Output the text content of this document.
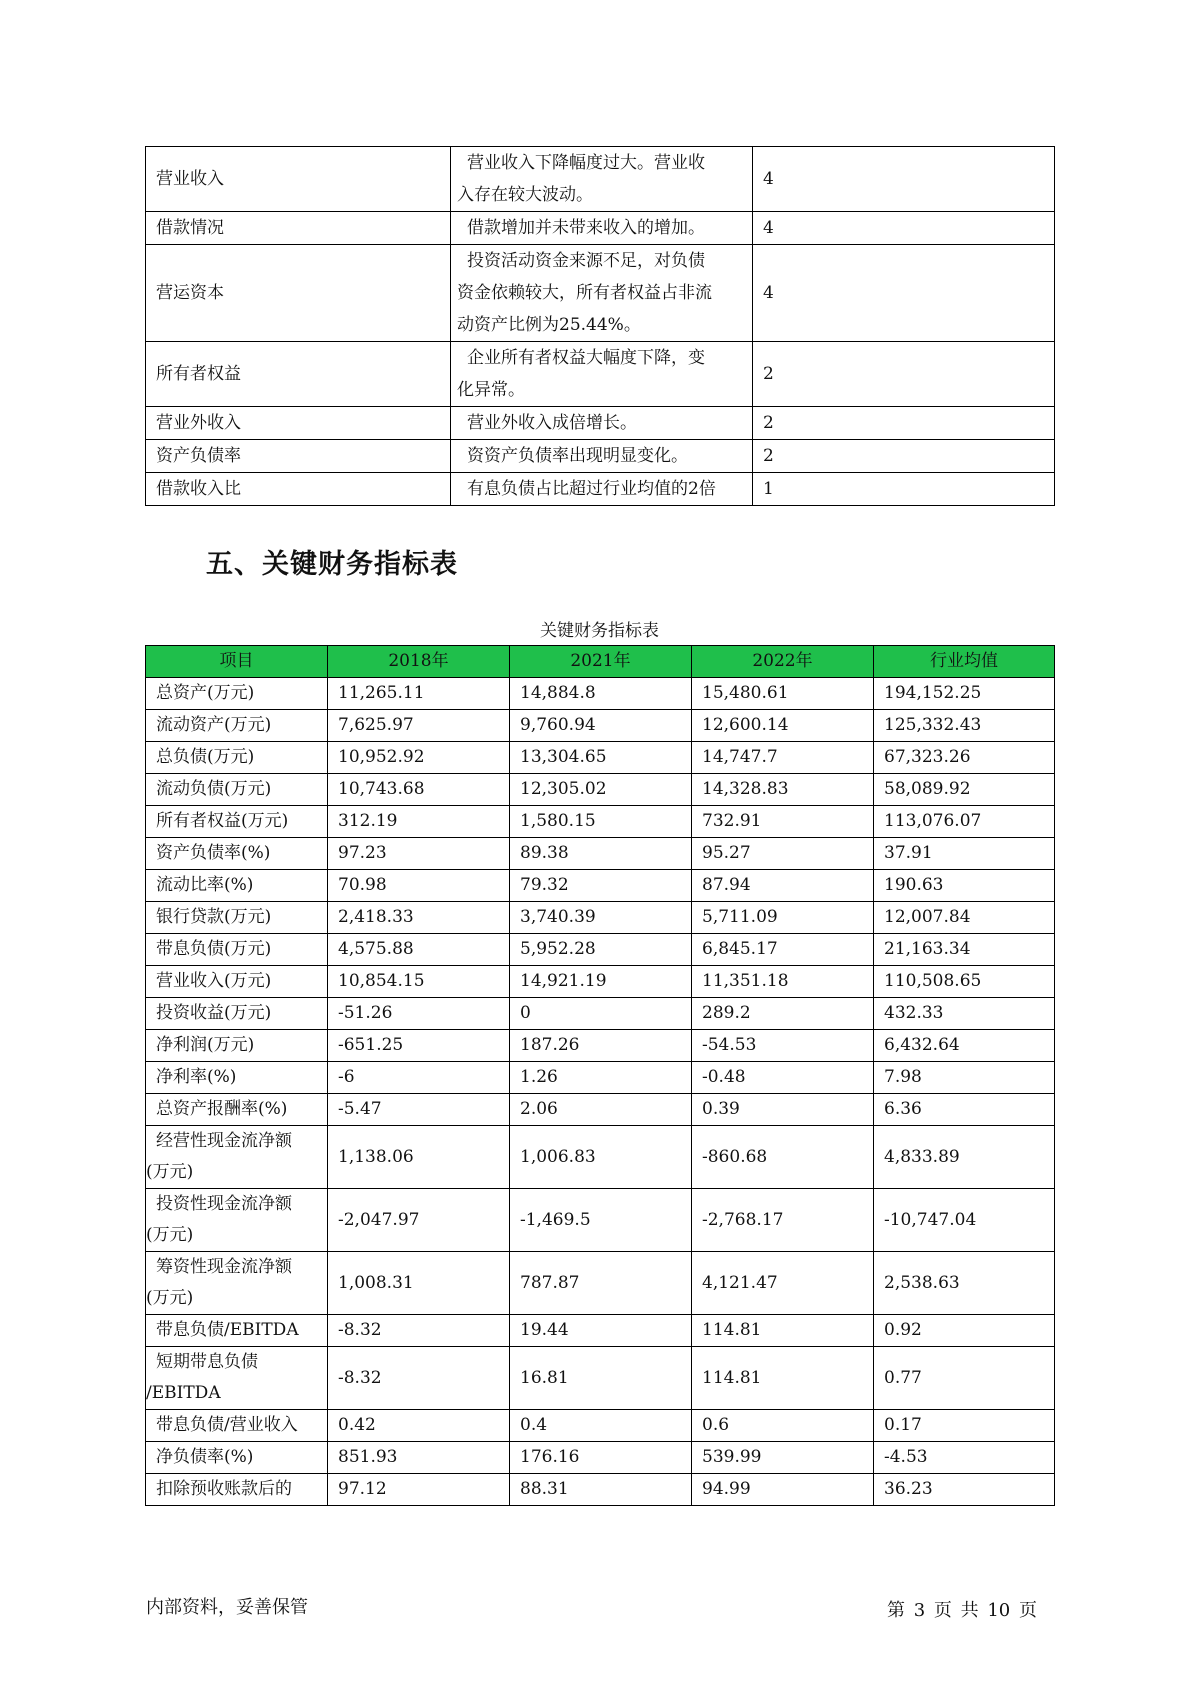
营业收入	营业收入下降幅度过大。营业收
入存在较大波动。	4
借款情况	借款增加并未带来收入的增加。	4
营运资本	投资活动资金来源不足，对负债
资金依赖较大，所有者权益占非流
动资产比例为25.44%。	4
所有者权益	企业所有者权益大幅度下降，变
化异常。	2
营业外收入	营业外收入成倍增长。	2
资产负债率	资资产负债率出现明显变化。	2
借款收入比	有息负债占比超过行业均值的2倍	1
五、关键财务指标表
关键财务指标表
项目	2018年	2021年	2022年	行业均值

总资产(万元)	11,265.11	14,884.8	15,480.61	194,152.25

流动资产(万元)	7,625.97	9,760.94	12,600.14	125,332.43

总负债(万元)	10,952.92	13,304.65	14,747.7	67,323.26

流动负债(万元)	10,743.68	12,305.02	14,328.83	58,089.92

所有者权益(万元)	312.19	1,580.15	732.91	113,076.07

资产负债率(%)	97.23	89.38	95.27	37.91

流动比率(%)	70.98	79.32	87.94	190.63

银行贷款(万元)	2,418.33	3,740.39	5,711.09	12,007.84

带息负债(万元)	4,575.88	5,952.28	6,845.17	21,163.34

营业收入(万元)	10,854.15	14,921.19	11,351.18	110,508.65

投资收益(万元)	-51.26	0	289.2	432.33

净利润(万元)	-651.25	187.26	-54.53	6,432.64

净利率(%)	-6	1.26	-0.48	7.98

总资产报酬率(%)	-5.47	2.06	0.39	6.36

经营性现金流净额
(万元)	1,138.06	1,006.83	-860.68	4,833.89

投资性现金流净额
(万元)	-2,047.97	-1,469.5	-2,768.17	-10,747.04

筹资性现金流净额
(万元)	1,008.31	787.87	4,121.47	2,538.63

带息负债/EBITDA	-8.32	19.44	114.81	0.92

短期带息负债
/EBITDA	-8.32	16.81	114.81	0.77

带息负债/营业收入	0.42	0.4	0.6	0.17

净负债率(%)	851.93	176.16	539.99	-4.53

扣除预收账款后的	97.12	88.31	94.99	36.23
内部资料，妥善保管	第 3 页 共 10 页
